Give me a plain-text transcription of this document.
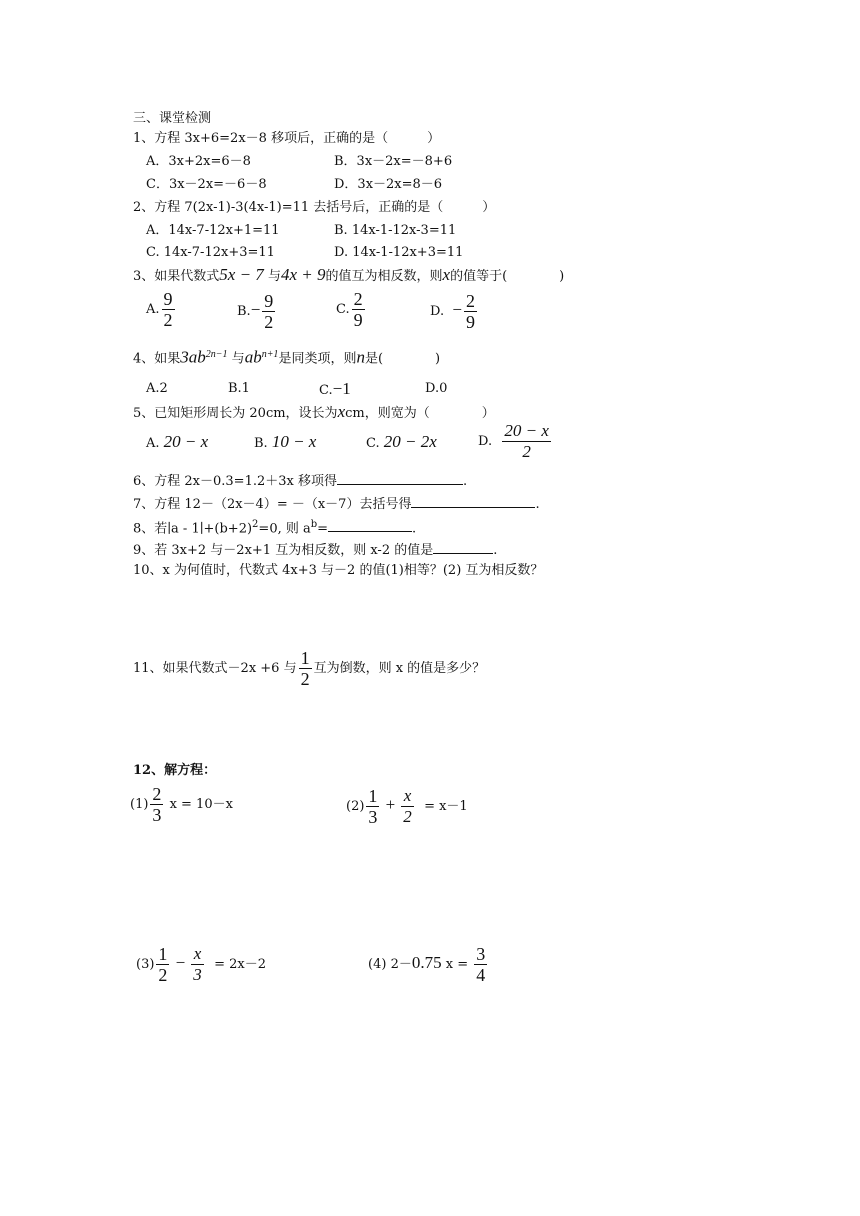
三、课堂检测
1、方程 3x+6=2x－8 移项后，正确的是（　　　）
A．3x+2x=6－8	B．3x－2x=－8+6
C．3x－2x=－6－8	D．3x－2x=8－6
2、方程 7(2x-1)-3(4x-1)=11 去括号后，正确的是（　　　）
A．14x-7-12x+1=11	B. 14x-1-12x-3=11
C. 14x-7-12x+3=11	D. 14x-1-12x+3=11
3、如果代数式5x − 7 与4x + 9的值互为相反数，则x的值等于(　　　　)
A. $\frac{9}{2}$	$B.- \frac{9}{2}$	C. $\frac{2}{9}$	D. − $\frac{2}{9}$
4、如果$3ab^{2n-1}$ 与$ab^{n+1}$是同类项，则n是(　　　　)
A.2	B.1	C.−1	D.0
5、已知矩形周长为 20cm，设长为xcm，则宽为（　　　　）
A. 20 − x	B. 10 − x	C. 20 − 2x	D. $\frac{20 - x}{2}$
6、方程 2x－0.3=1.2＋3x 移项得	.
7、方程 12－（2x－4）= －（x－7）去括号得	.
8、若∣a - $1∣+(b+2)^2=0$, 则 $a^b=$	.
9、若 3x+2 与－2x+1 互为相反数，则 x-2 的值是	.
10、x 为何值时，代数式 4x+3 与－2 的值(1)相等？(2) 互为相反数？
11、如果代数式－2x +6 与 $\frac{1}{2}$ 互为倒数，则 x 的值是多少？
12、解方程：
$(1) \frac{2}{3}$ x = 10－x	$(2) \frac{1}{3} + \frac{x}{2} = x-1$
$(3) \frac{1}{2} - \frac{x}{3} = 2x-2$	(4) 2－0.75 $x = \frac{3}{4}$
